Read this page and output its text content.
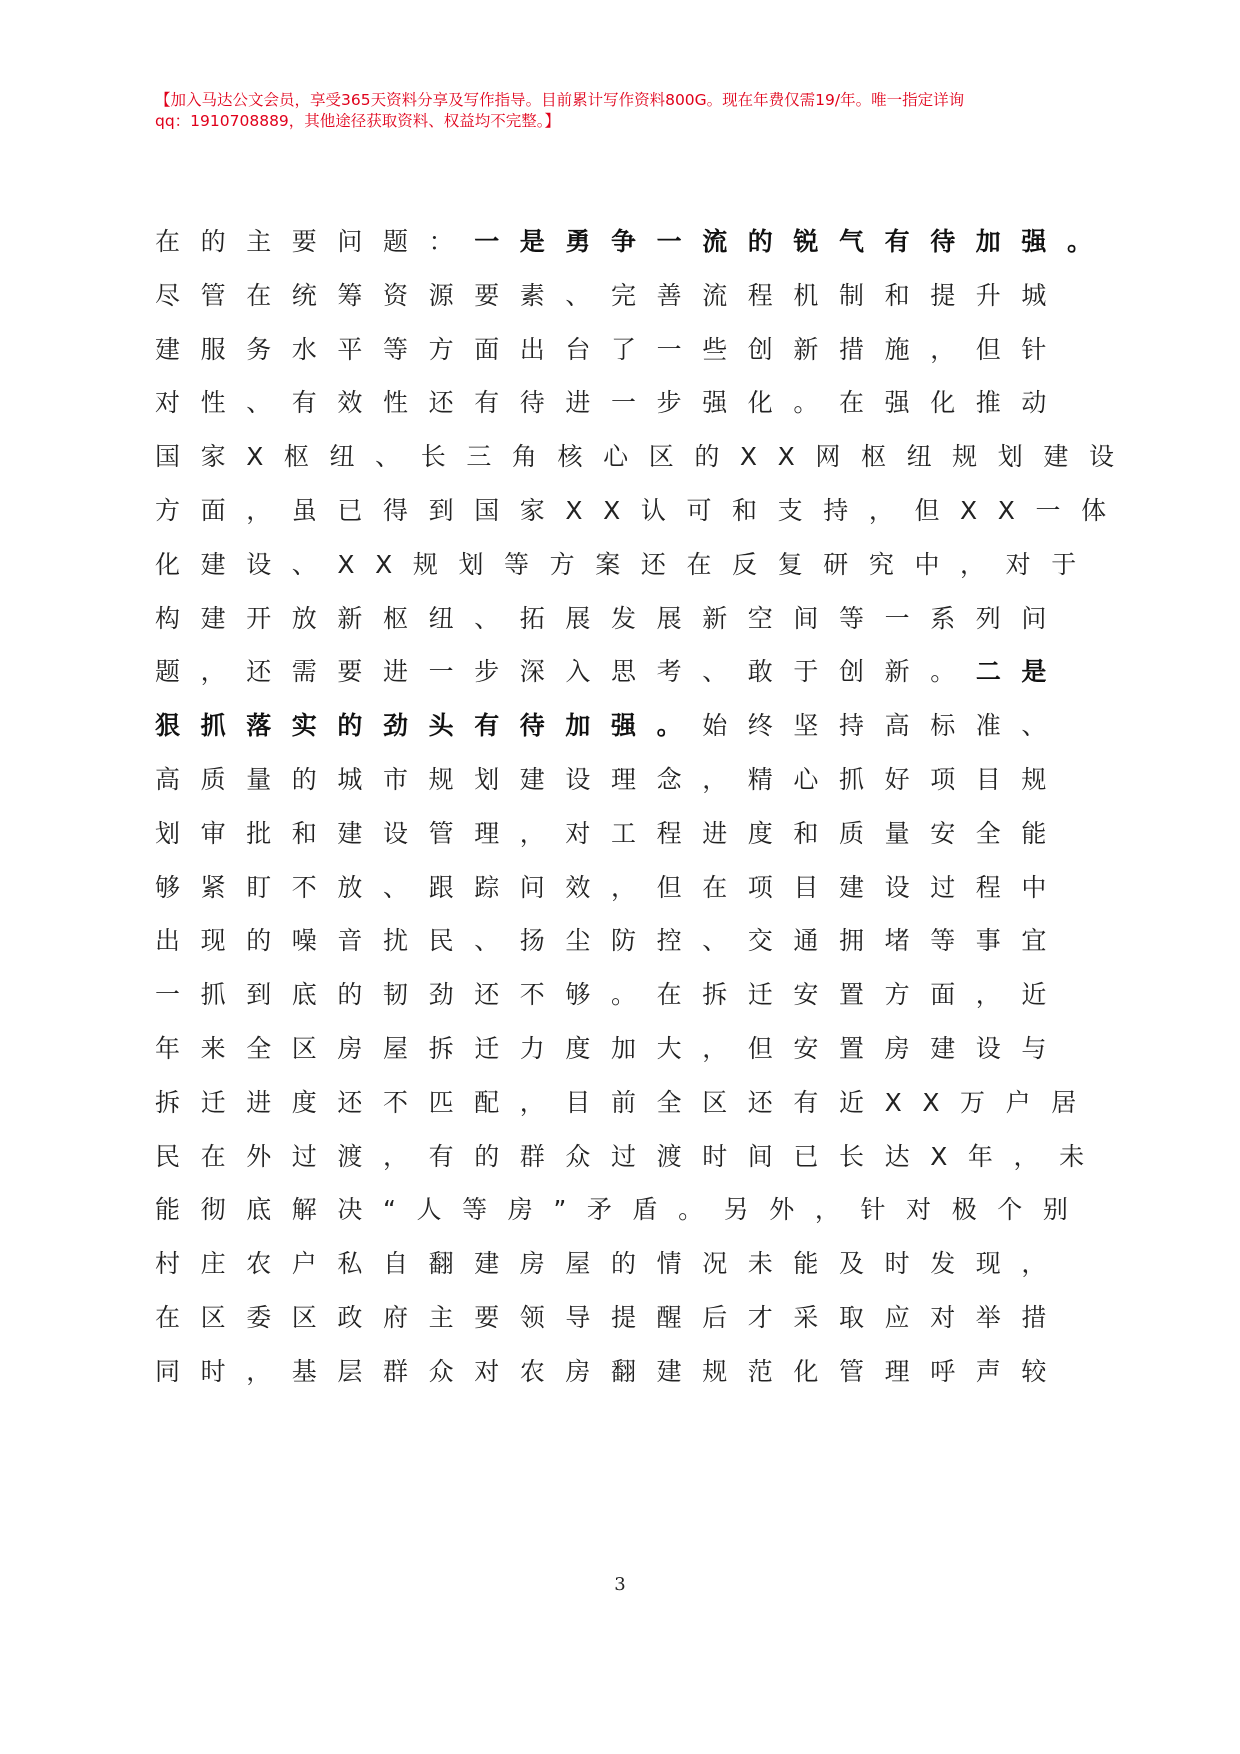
【加入马达公文会员，享受365天资料分享及写作指导。目前累计写作资料800G。现在年费仅需19/年。唯一指定详询
qq：1910708889，其他途径获取资料、权益均不完整。】
在的主要问题：一是勇争一流的锐气有待加强。
尽管在统筹资源要素、完善流程机制和提升城
建服务水平等方面出台了一些创新措施，但针
对性、有效性还有待进一步强化。在强化推动
国家X枢纽、长三角核心区的XX网枢纽规划建设
方面，虽已得到国家XX认可和支持，但XX一体
化建设、XX规划等方案还在反复研究中，对于
构建开放新枢纽、拓展发展新空间等一系列问
题，还需要进一步深入思考、敢于创新。二是
狠抓落实的劲头有待加强。始终坚持高标准、
高质量的城市规划建设理念，精心抓好项目规
划审批和建设管理，对工程进度和质量安全能
够紧盯不放、跟踪问效，但在项目建设过程中
出现的噪音扰民、扬尘防控、交通拥堵等事宜
一抓到底的韧劲还不够。在拆迁安置方面，近
年来全区房屋拆迁力度加大，但安置房建设与
拆迁进度还不匹配，目前全区还有近XX万户居
民在外过渡，有的群众过渡时间已长达X年，未
能彻底解决“人等房”矛盾。另外，针对极个别
村庄农户私自翻建房屋的情况未能及时发现，
在区委区政府主要领导提醒后才采取应对举措
同时，基层群众对农房翻建规范化管理呼声较
3
